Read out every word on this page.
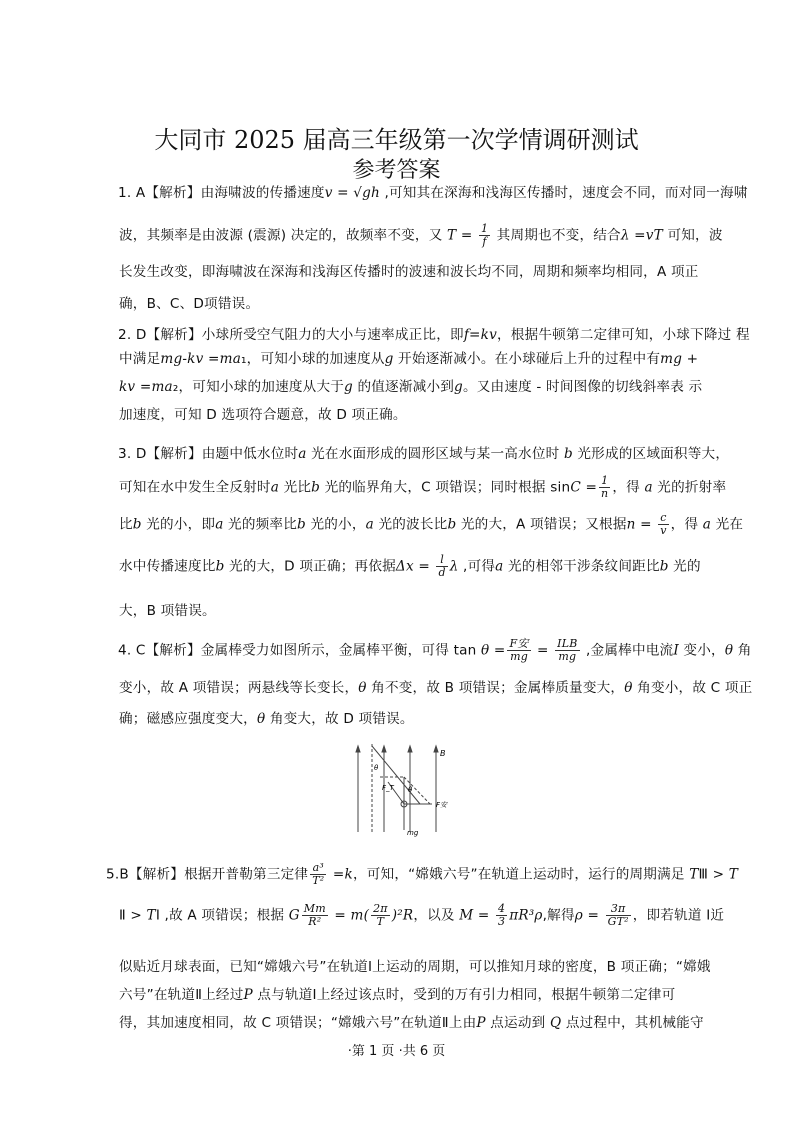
大同市 2025 届高三年级第一次学情调研测试
参考答案
1. A【解析】由海啸波的传播速度v = √gh ,可知其在深海和浅海区传播时，速度会不同，而对同一海啸
波，其频率是由波源 (震源) 决定的，故频率不变，又 $T = \frac{1}{f}$ 其周期也不变，结合λ =vT 可知，波
长发生改变，即海啸波在深海和浅海区传播时的波速和波长均不同，周期和频率均相同，A 项正
确，B、C、D项错误。
2. D【解析】小球所受空气阻力的大小与速率成正比，即f=kv，根据牛顿第二定律可知，小球下降过 程
中满足mg-kv =ma₁，可知小球的加速度从g 开始逐渐减小。在小球碰后上升的过程中有mg +
kv =ma₂，可知小球的加速度从大于g 的值逐渐减小到g。又由速度 - 时间图像的切线斜率表 示
加速度，可知 D 选项符合题意，故 D 项正确。
3. D【解析】由题中低水位时a 光在水面形成的圆形区域与某一高水位时 b 光形成的区域面积等大，
可知在水中发生全反射时a 光比b 光的临界角大，C 项错误；同时根据 $\sin C = \frac{1}{n}$ ，得 a 光的折射率
比b 光的小，即a 光的频率比b 光的小，a 光的波长比b 光的大，A 项错误；又根据$n = \frac{c}{v}$ ，得 a 光在
水中传播速度比b 光的大，D 项正确；再依据$\Delta x = \frac{l}{d}$ λ ,可得a 光的相邻干涉条纹间距比b 光的
大，B 项错误。
4. C【解析】金属棒受力如图所示，金属棒平衡，可得 $\tan \theta = \frac{\text{F安}}{mg} = \frac{\text{ILB}}{mg}$ ,金属棒中电流I 变小，θ 角
变小，故 A 项错误；两悬线等长变长，θ 角不变，故 B 项错误；金属棒质量变大，θ 角变小，故 C 项正
确；磁感应强度变大，θ 角变大，故 D 项错误。
5.B【解析】根据开普勒第三定律 $\frac{\text{a³}}{\text{T²}} =k$，可知，“嫦娥六号”在轨道上运动时，运行的周期满足 TⅢ > T
Ⅱ > TⅠ ,故 A 项错误；根据 G $\frac{Mm}{\text{R²}} = m( \frac{2\pi}{T} )^2R$，以及 $M = \frac{4}{3} \pi R^3\rho$,解得$\rho = \frac{3\pi}{\text{GT²}}$ ，即若轨道 Ⅰ近
似贴近月球表面，已知“嫦娥六号”在轨道Ⅰ上运动的周期，可以推知月球的密度，B 项正确；“嫦娥
六号”在轨道Ⅱ上经过P 点与轨道Ⅰ上经过该点时，受到的万有引力相同，根据牛顿第二定律可
得，其加速度相同，故 C 项错误；“嫦娥六号”在轨道Ⅱ上由P 点运动到 Q 点过程中，其机械能守
B
θ
θ
F_T
F安
mg
·第 1 页 ·共 6 页
